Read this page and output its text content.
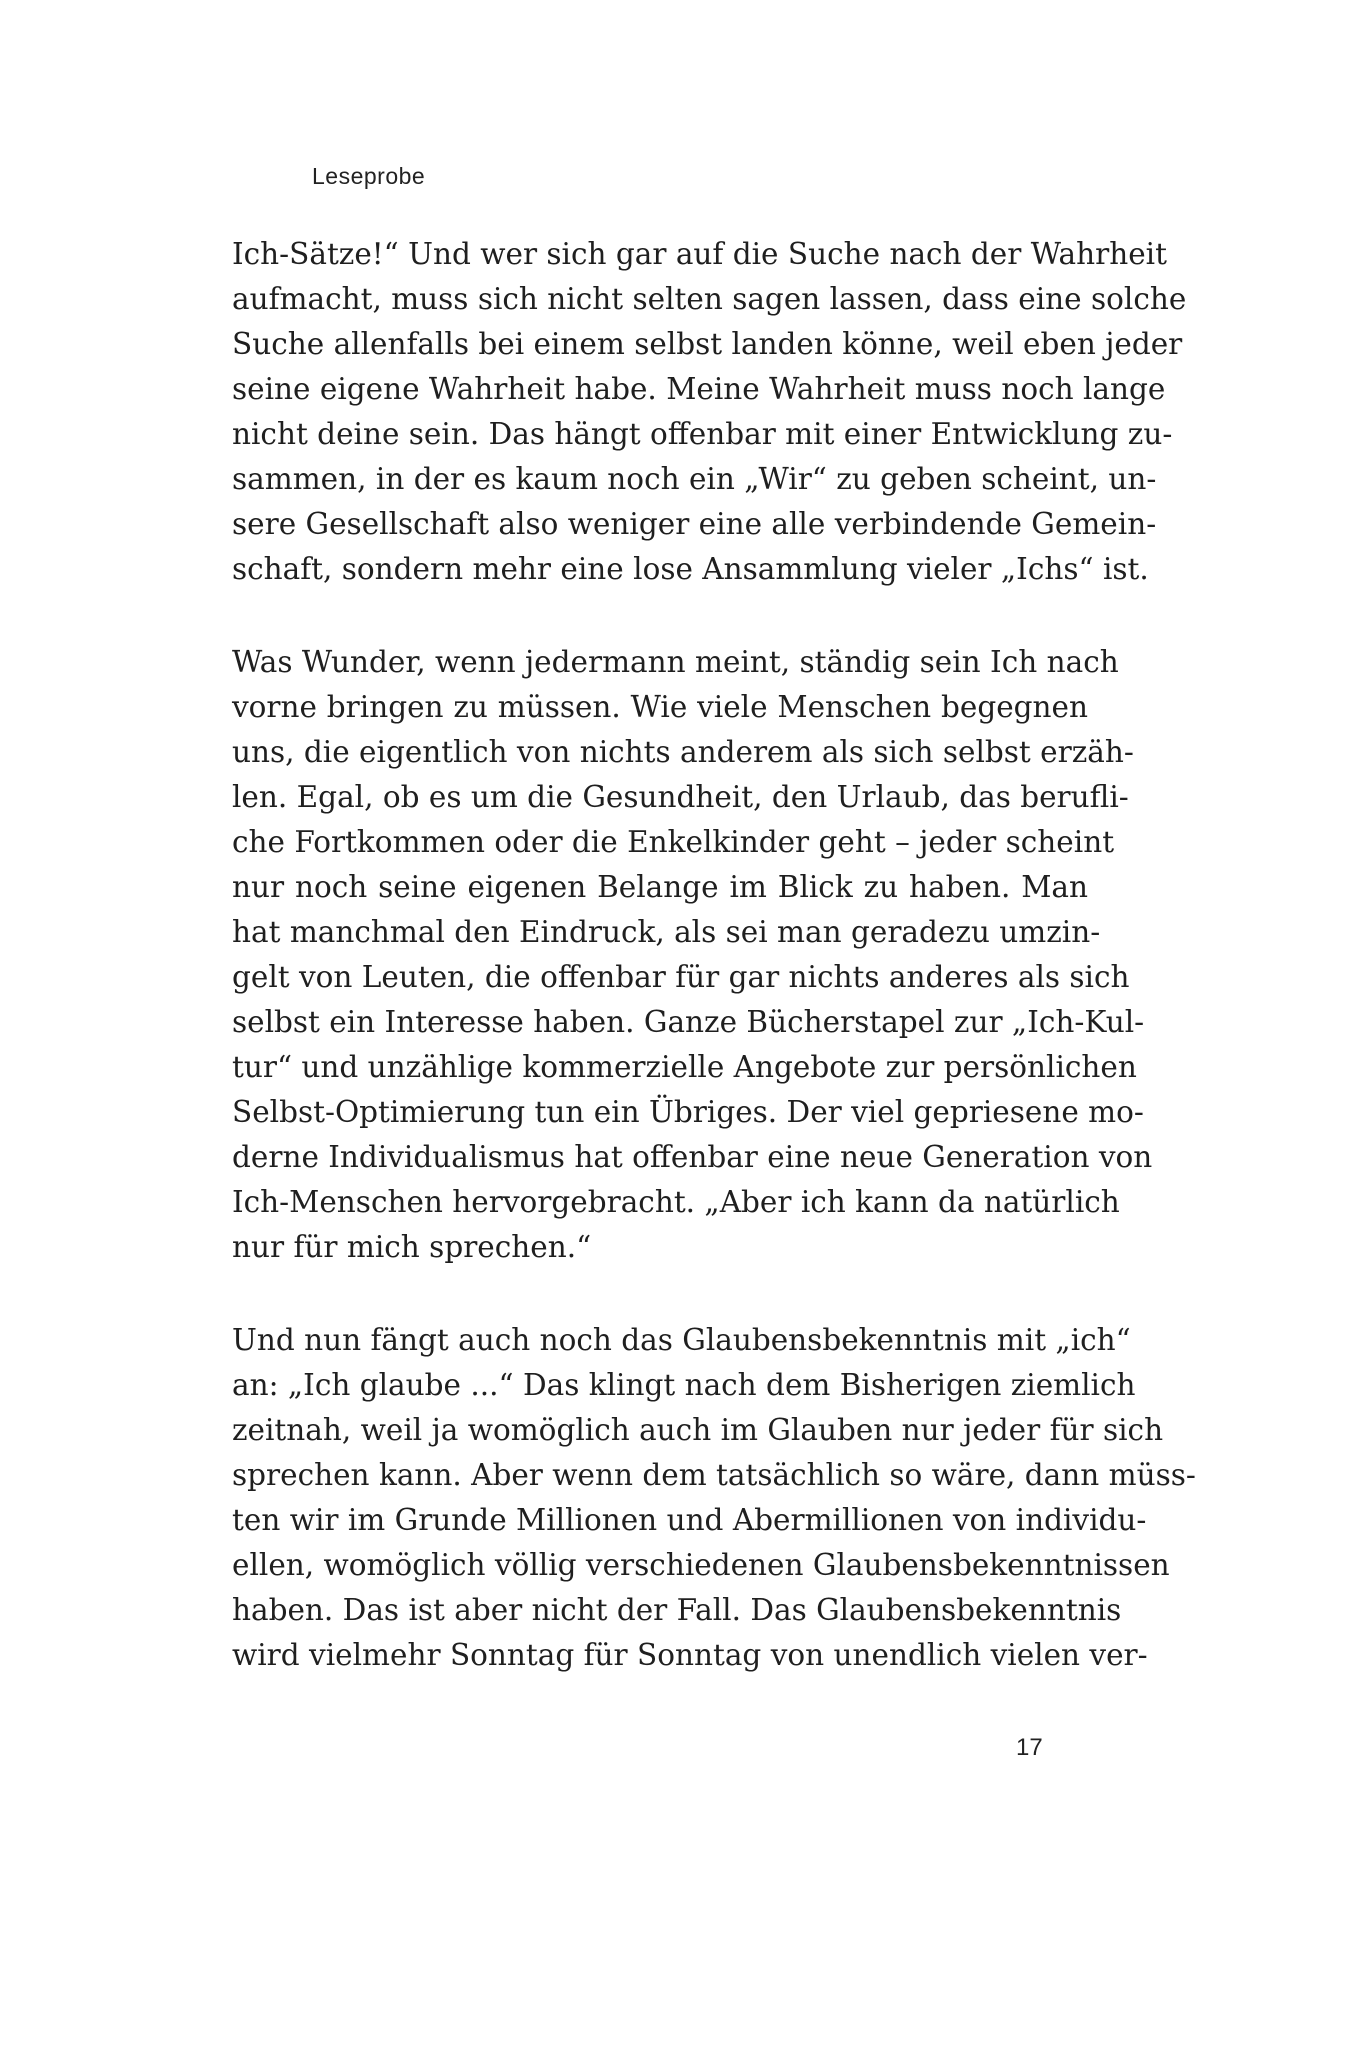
Leseprobe
Ich-Sätze!“ Und wer sich gar auf die Suche nach der Wahrheit
aufmacht, muss sich nicht selten sagen lassen, dass eine solche
Suche allenfalls bei einem selbst landen könne, weil eben jeder
seine eigene Wahrheit habe. Meine Wahrheit muss noch lange
nicht deine sein. Das hängt offenbar mit einer Entwicklung zu-
sammen, in der es kaum noch ein „Wir“ zu geben scheint, un-
sere Gesellschaft also weniger eine alle verbindende Gemein-
schaft, sondern mehr eine lose Ansammlung vieler „Ichs“ ist.
Was Wunder, wenn jedermann meint, ständig sein Ich nach
vorne bringen zu müssen. Wie viele Menschen begegnen
uns, die eigentlich von nichts anderem als sich selbst erzäh-
len. Egal, ob es um die Gesundheit, den Urlaub, das berufli-
che Fortkommen oder die Enkelkinder geht – jeder scheint
nur noch seine eigenen Belange im Blick zu haben. Man
hat manchmal den Eindruck, als sei man geradezu umzin-
gelt von Leuten, die offenbar für gar nichts anderes als sich
selbst ein Interesse haben. Ganze Bücherstapel zur „Ich-Kul-
tur“ und unzählige kommerzielle Angebote zur persönlichen
Selbst-Optimierung tun ein Übriges. Der viel gepriesene mo-
derne Individualismus hat offenbar eine neue Generation von
Ich-Menschen hervorgebracht. „Aber ich kann da natürlich
nur für mich sprechen.“
Und nun fängt auch noch das Glaubensbekenntnis mit „ich“
an: „Ich glaube ...“ Das klingt nach dem Bisherigen ziemlich
zeitnah, weil ja womöglich auch im Glauben nur jeder für sich
sprechen kann. Aber wenn dem tatsächlich so wäre, dann müss-
ten wir im Grunde Millionen und Abermillionen von individu-
ellen, womöglich völlig verschiedenen Glaubensbekenntnissen
haben. Das ist aber nicht der Fall. Das Glaubensbekenntnis
wird vielmehr Sonntag für Sonntag von unendlich vielen ver-
17
